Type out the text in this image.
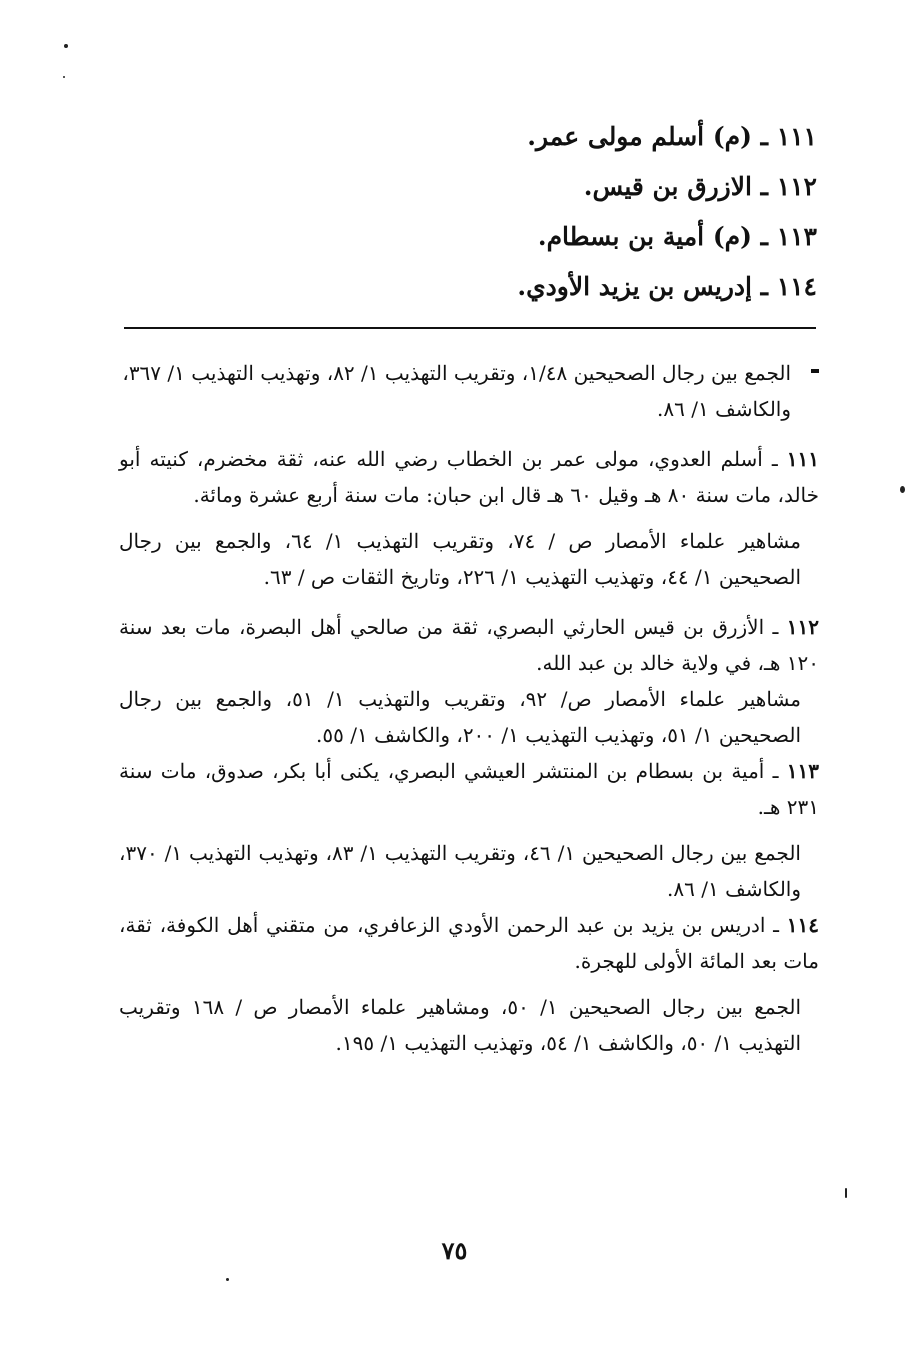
١١١ ـ (م) أسلم مولى عمر.
١١٢ ـ الازرق بن قيس.
١١٣ ـ (م) أمية بن بسطام.
١١٤ ـ إدريس بن يزيد الأودي.

الجمع بين رجال الصحيحين ١/٤٨، وتقريب التهذيب ١/ ٨٢، وتهذيب التهذيب ١/ ٣٦٧، والكاشف ١/ ٨٦.

١١١ ـ أسلم العدوي، مولى عمر بن الخطاب رضي الله عنه، ثقة مخضرم، كنيته أبو خالد، مات سنة ٨٠ هـ وقيل ٦٠ هـ قال ابن حبان: مات سنة أربع عشرة ومائة.

مشاهير علماء الأمصار ص / ٧٤، وتقريب التهذيب ١/ ٦٤، والجمع بين رجال الصحيحين ١/ ٤٤، وتهذيب التهذيب ١/ ٢٢٦، وتاريخ الثقات ص / ٦٣.

١١٢ ـ الأزرق بن قيس الحارثي البصري، ثقة من صالحي أهل البصرة، مات بعد سنة ١٢٠ هـ، في ولاية خالد بن عبد الله.

مشاهير علماء الأمصار ص/ ٩٢، وتقريب والتهذيب ١/ ٥١، والجمع بين رجال الصحيحين ١/ ٥١، وتهذيب التهذيب ١/ ٢٠٠، والكاشف ١/ ٥٥.

١١٣ ـ أمية بن بسطام بن المنتشر العيشي البصري، يكنى أبا بكر، صدوق، مات سنة ٢٣١ هـ.

الجمع بين رجال الصحيحين ١/ ٤٦، وتقريب التهذيب ١/ ٨٣، وتهذيب التهذيب ١/ ٣٧٠، والكاشف ١/ ٨٦.

١١٤ ـ ادريس بن يزيد بن عبد الرحمن الأودي الزعافري، من متقني أهل الكوفة، ثقة، مات بعد المائة الأولى للهجرة.

الجمع بين رجال الصحيحين ١/ ٥٠، ومشاهير علماء الأمصار ص / ١٦٨ وتقريب التهذيب ١/ ٥٠، والكاشف ١/ ٥٤، وتهذيب التهذيب ١/ ١٩٥.

٧٥
